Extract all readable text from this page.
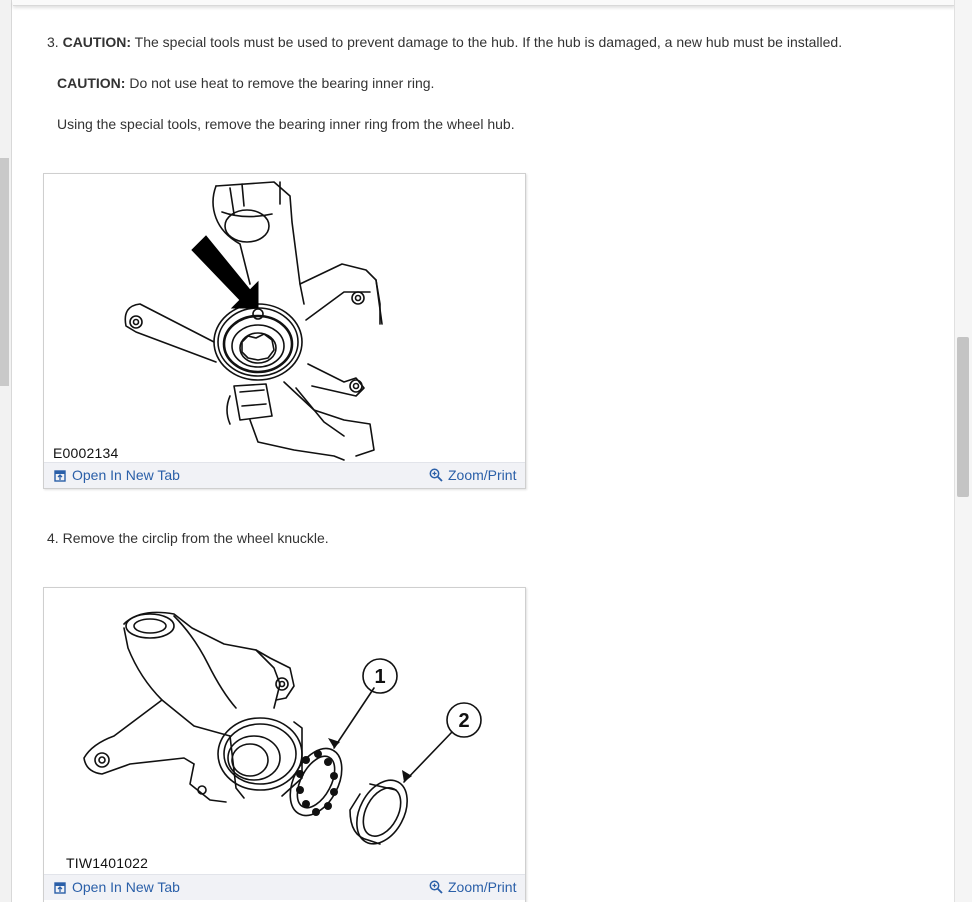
3. CAUTION: The special tools must be used to prevent damage to the hub. If the hub is damaged, a new hub must be installed.
CAUTION: Do not use heat to remove the bearing inner ring.
Using the special tools, remove the bearing inner ring from the wheel hub.
E0002134
Open In New Tab	Zoom/Print
4. Remove the circlip from the wheel knuckle.
1
2
TIW1401022
Open In New Tab	Zoom/Print
